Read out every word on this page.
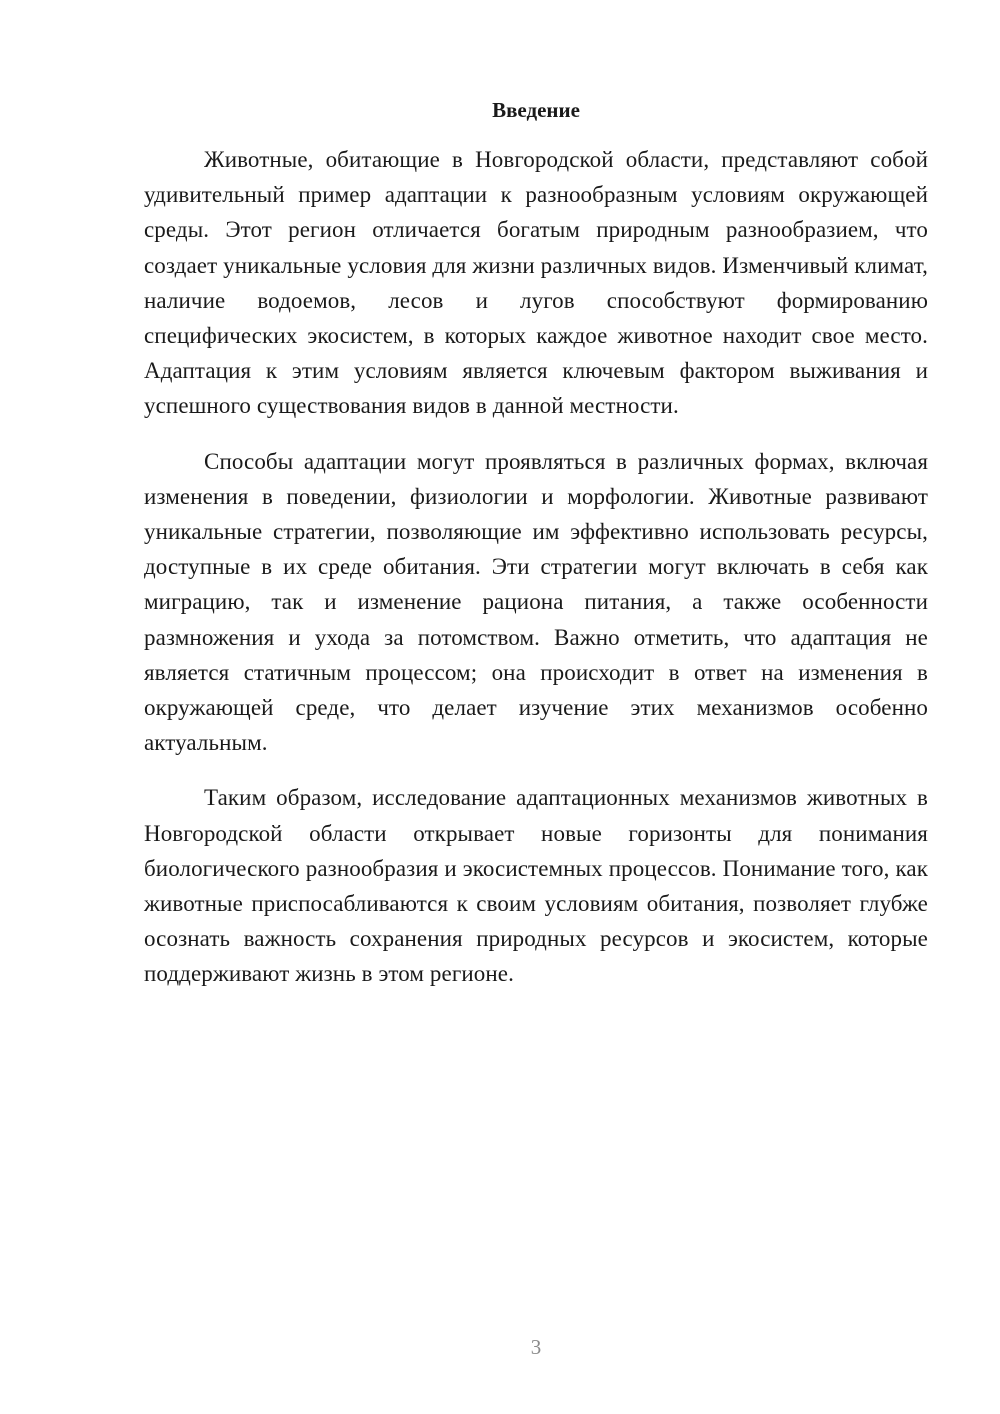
Введение

Животные, обитающие в Новгородской области, представляют собой удивительный пример адаптации к разнообразным условиям окружающей среды. Этот регион отличается богатым природным разнообразием, что создает уникальные условия для жизни различных видов. Изменчивый климат, наличие водоемов, лесов и лугов способствуют формированию специфических экосистем, в которых каждое животное находит свое место. Адаптация к этим условиям является ключевым фактором выживания и успешного существования видов в данной местности.

Способы адаптации могут проявляться в различных формах, включая изменения в поведении, физиологии и морфологии. Животные развивают уникальные стратегии, позволяющие им эффективно использовать ресурсы, доступные в их среде обитания. Эти стратегии могут включать в себя как миграцию, так и изменение рациона питания, а также особенности размножения и ухода за потомством. Важно отметить, что адаптация не является статичным процессом; она происходит в ответ на изменения в окружающей среде, что делает изучение этих механизмов особенно актуальным.

Таким образом, исследование адаптационных механизмов животных в Новгородской области открывает новые горизонты для понимания биологического разнообразия и экосистемных процессов. Понимание того, как животные приспосабливаются к своим условиям обитания, позволяет глубже осознать важность сохранения природных ресурсов и экосистем, которые поддерживают жизнь в этом регионе.

3
